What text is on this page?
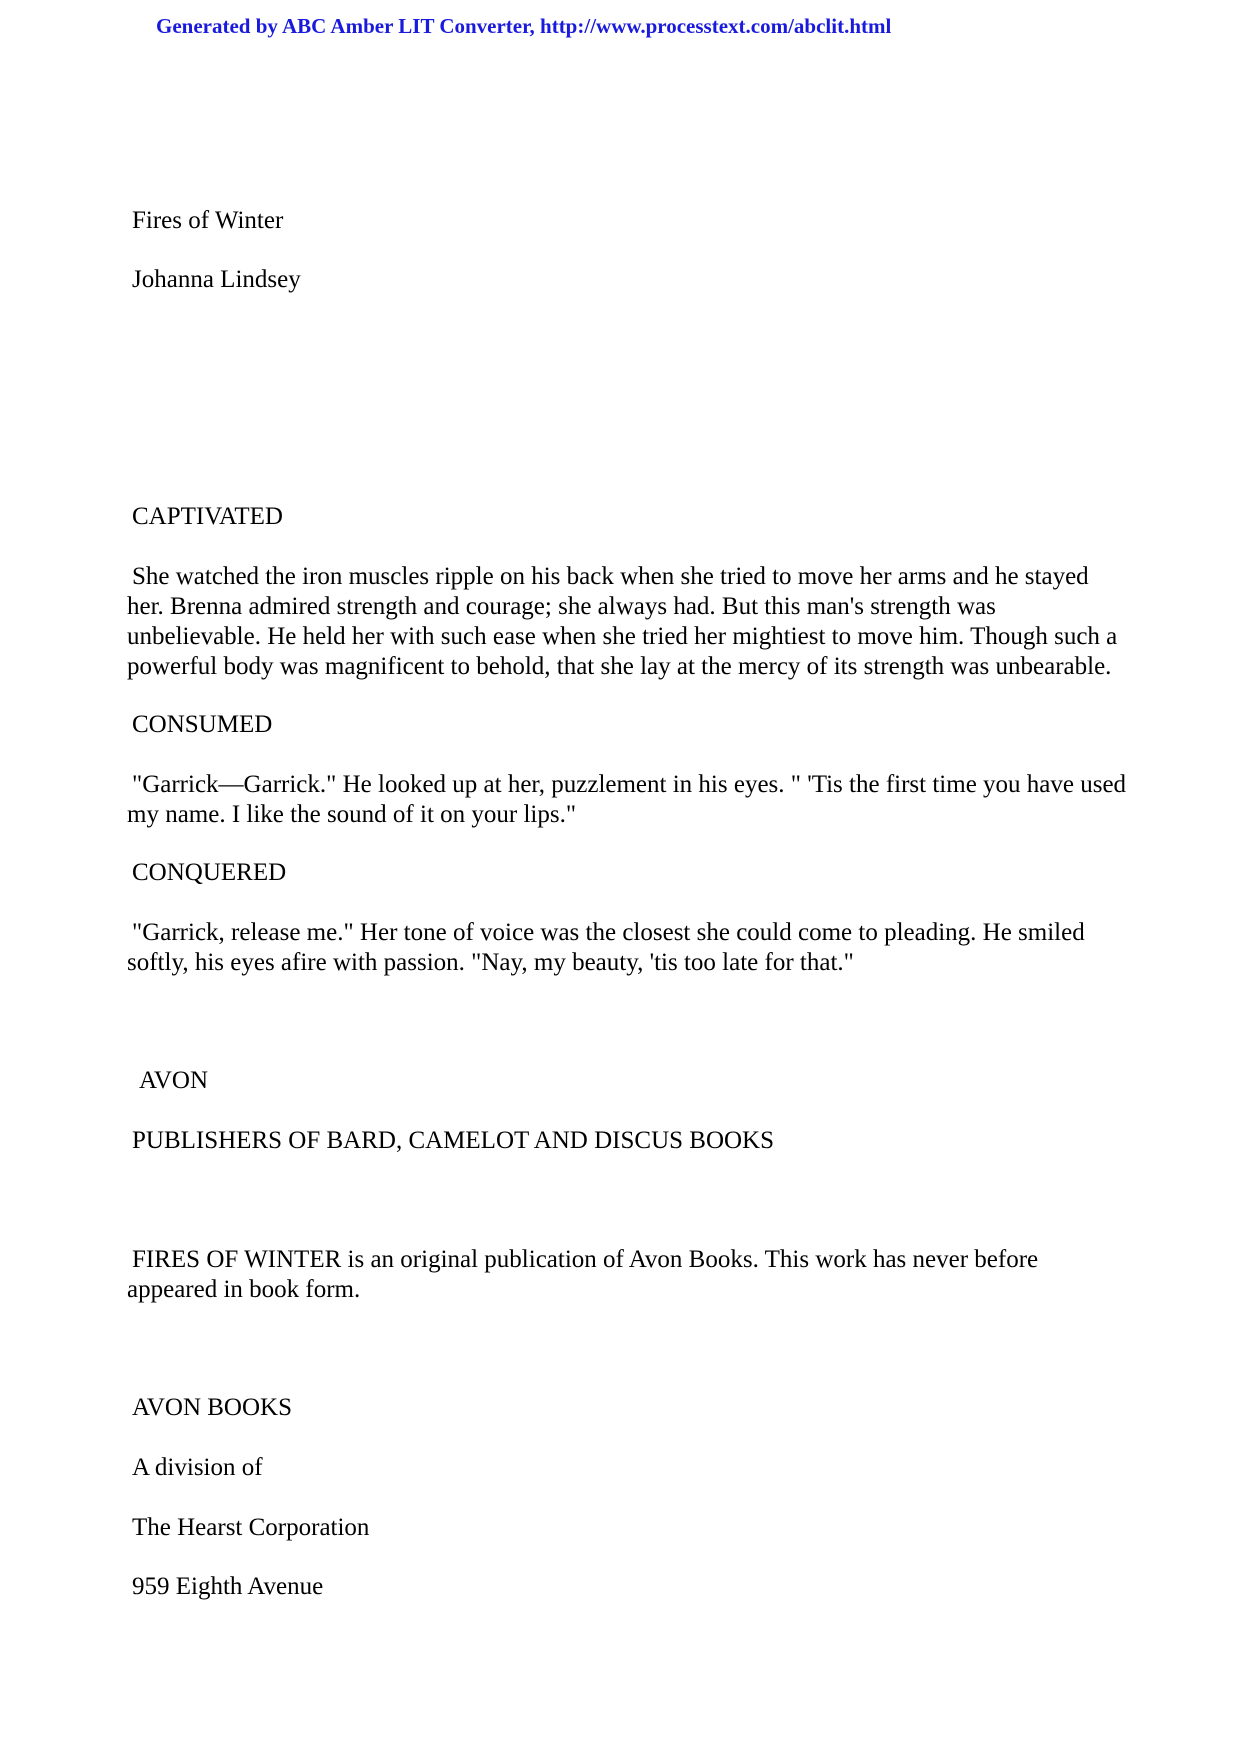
Generated by ABC Amber LIT Converter, http://www.processtext.com/abclit.html
Fires of Winter
Johanna Lindsey
CAPTIVATED
She watched the iron muscles ripple on his back when she tried to move her arms and he stayed her. Brenna admired strength and courage; she always had. But this man's strength was unbelievable. He held her with such ease when she tried her mightiest to move him. Though such a powerful body was magnificent to behold, that she lay at the mercy of its strength was unbearable.
CONSUMED
"Garrick—Garrick." He looked up at her, puzzlement in his eyes. " 'Tis the first time you have used my name. I like the sound of it on your lips."
CONQUERED
"Garrick, release me." Her tone of voice was the closest she could come to pleading. He smiled softly, his eyes afire with passion. "Nay, my beauty, 'tis too late for that."
AVON
PUBLISHERS OF BARD, CAMELOT AND DISCUS BOOKS
FIRES OF WINTER is an original publication of Avon Books. This work has never before appeared in book form.
AVON BOOKS
A division of
The Hearst Corporation
959 Eighth Avenue
